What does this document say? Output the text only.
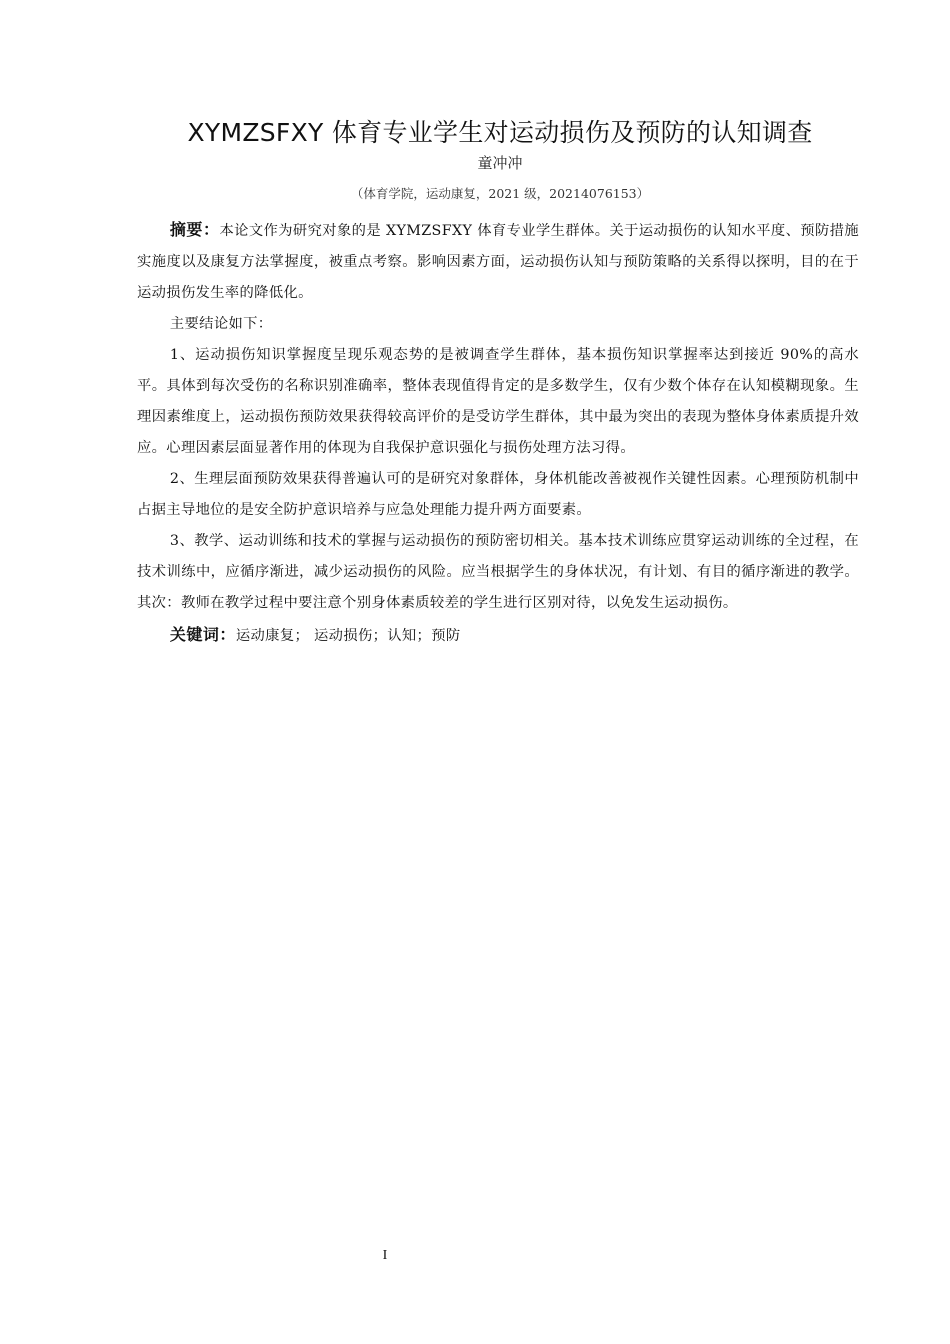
XYMZSFXY 体育专业学生对运动损伤及预防的认知调查
童冲冲
（体育学院，运动康复，2021 级，20214076153）

摘要：本论文作为研究对象的是 XYMZSFXY 体育专业学生群体。关于运动损伤的认知水平度、预防措施实施度以及康复方法掌握度，被重点考察。影响因素方面，运动损伤认知与预防策略的关系得以探明，目的在于运动损伤发生率的降低化。

主要结论如下：

1、运动损伤知识掌握度呈现乐观态势的是被调查学生群体，基本损伤知识掌握率达到接近 90%的高水平。具体到每次受伤的名称识别准确率，整体表现值得肯定的是多数学生，仅有少数个体存在认知模糊现象。生理因素维度上，运动损伤预防效果获得较高评价的是受访学生群体，其中最为突出的表现为整体身体素质提升效应。心理因素层面显著作用的体现为自我保护意识强化与损伤处理方法习得。

2、生理层面预防效果获得普遍认可的是研究对象群体，身体机能改善被视作关键性因素。心理预防机制中占据主导地位的是安全防护意识培养与应急处理能力提升两方面要素。

3、教学、运动训练和技术的掌握与运动损伤的预防密切相关。基本技术训练应贯穿运动训练的全过程，在技术训练中，应循序渐进，减少运动损伤的风险。应当根据学生的身体状况，有计划、有目的循序渐进的教学。其次：教师在教学过程中要注意个别身体素质较差的学生进行区别对待，以免发生运动损伤。

关键词：运动康复； 运动损伤；认知；预防

I
